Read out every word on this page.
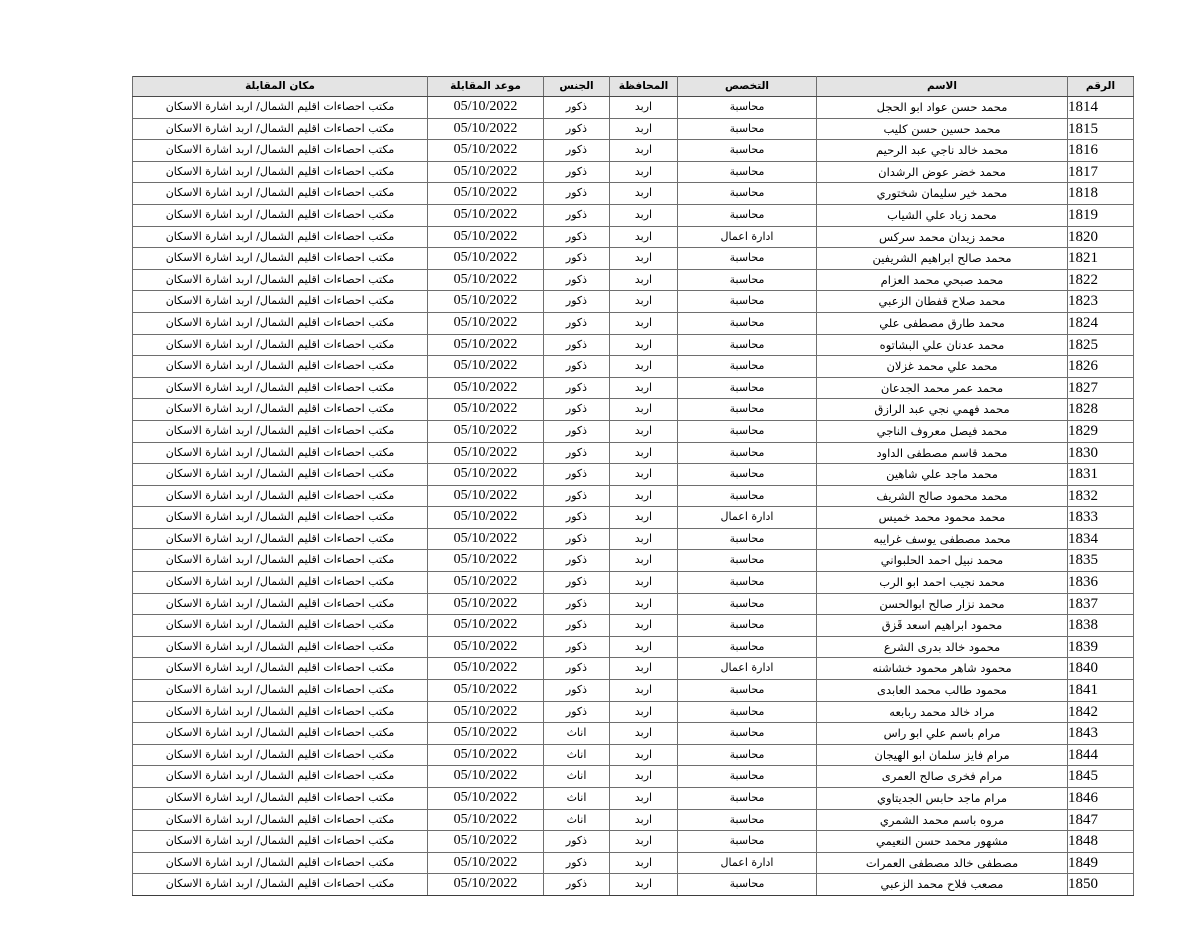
الرقم	الاسم	التخصص	المحافظة	الجنس	موعد المقابلة	مكان المقابلة
1814	محمد حسن عواد ابو الحجل	محاسبة	اربد	ذكور	05/10/2022	مكتب احصاءات اقليم الشمال/ اربد اشارة الاسكان
1815	محمد حسين حسن كليب	محاسبة	اربد	ذكور	05/10/2022	مكتب احصاءات اقليم الشمال/ اربد اشارة الاسكان
1816	محمد خالد ناجي عبد الرحيم	محاسبة	اربد	ذكور	05/10/2022	مكتب احصاءات اقليم الشمال/ اربد اشارة الاسكان
1817	محمد خضر عوض الرشدان	محاسبة	اربد	ذكور	05/10/2022	مكتب احصاءات اقليم الشمال/ اربد اشارة الاسكان
1818	محمد خير سليمان شختوري	محاسبة	اربد	ذكور	05/10/2022	مكتب احصاءات اقليم الشمال/ اربد اشارة الاسكان
1819	محمد زياد علي الشياب	محاسبة	اربد	ذكور	05/10/2022	مكتب احصاءات اقليم الشمال/ اربد اشارة الاسكان
1820	محمد زيدان محمد سركس	ادارة اعمال	اربد	ذكور	05/10/2022	مكتب احصاءات اقليم الشمال/ اربد اشارة الاسكان
1821	محمد صالح ابراهيم الشريفين	محاسبة	اربد	ذكور	05/10/2022	مكتب احصاءات اقليم الشمال/ اربد اشارة الاسكان
1822	محمد صبحي محمد العزام	محاسبة	اربد	ذكور	05/10/2022	مكتب احصاءات اقليم الشمال/ اربد اشارة الاسكان
1823	محمد صلاح قفطان الزعبي	محاسبة	اربد	ذكور	05/10/2022	مكتب احصاءات اقليم الشمال/ اربد اشارة الاسكان
1824	محمد طارق مصطفى علي	محاسبة	اربد	ذكور	05/10/2022	مكتب احصاءات اقليم الشمال/ اربد اشارة الاسكان
1825	محمد عدنان علي البشاتوه	محاسبة	اربد	ذكور	05/10/2022	مكتب احصاءات اقليم الشمال/ اربد اشارة الاسكان
1826	محمد علي محمد غزلان	محاسبة	اربد	ذكور	05/10/2022	مكتب احصاءات اقليم الشمال/ اربد اشارة الاسكان
1827	محمد عمر محمد الجدعان	محاسبة	اربد	ذكور	05/10/2022	مكتب احصاءات اقليم الشمال/ اربد اشارة الاسكان
1828	محمد فهمي نجي عبد الرازق	محاسبة	اربد	ذكور	05/10/2022	مكتب احصاءات اقليم الشمال/ اربد اشارة الاسكان
1829	محمد فيصل معروف الناجي	محاسبة	اربد	ذكور	05/10/2022	مكتب احصاءات اقليم الشمال/ اربد اشارة الاسكان
1830	محمد قاسم مصطفى الداود	محاسبة	اربد	ذكور	05/10/2022	مكتب احصاءات اقليم الشمال/ اربد اشارة الاسكان
1831	محمد ماجد علي شاهين	محاسبة	اربد	ذكور	05/10/2022	مكتب احصاءات اقليم الشمال/ اربد اشارة الاسكان
1832	محمد محمود صالح الشريف	محاسبة	اربد	ذكور	05/10/2022	مكتب احصاءات اقليم الشمال/ اربد اشارة الاسكان
1833	محمد محمود محمد خميس	ادارة اعمال	اربد	ذكور	05/10/2022	مكتب احصاءات اقليم الشمال/ اربد اشارة الاسكان
1834	محمد مصطفى يوسف غرايبه	محاسبة	اربد	ذكور	05/10/2022	مكتب احصاءات اقليم الشمال/ اربد اشارة الاسكان
1835	محمد نبيل احمد الحلبواني	محاسبة	اربد	ذكور	05/10/2022	مكتب احصاءات اقليم الشمال/ اربد اشارة الاسكان
1836	محمد نجيب احمد ابو الرب	محاسبة	اربد	ذكور	05/10/2022	مكتب احصاءات اقليم الشمال/ اربد اشارة الاسكان
1837	محمد نزار صالح ابوالحسن	محاسبة	اربد	ذكور	05/10/2022	مكتب احصاءات اقليم الشمال/ اربد اشارة الاسكان
1838	محمود ابراهيم اسعد قَزق	محاسبة	اربد	ذكور	05/10/2022	مكتب احصاءات اقليم الشمال/ اربد اشارة الاسكان
1839	محمود خالد بدرى الشرع	محاسبة	اربد	ذكور	05/10/2022	مكتب احصاءات اقليم الشمال/ اربد اشارة الاسكان
1840	محمود شاهر محمود خشاشنه	ادارة اعمال	اربد	ذكور	05/10/2022	مكتب احصاءات اقليم الشمال/ اربد اشارة الاسكان
1841	محمود طالب محمد العابدى	محاسبة	اربد	ذكور	05/10/2022	مكتب احصاءات اقليم الشمال/ اربد اشارة الاسكان
1842	مراد خالد محمد ربابعه	محاسبة	اربد	ذكور	05/10/2022	مكتب احصاءات اقليم الشمال/ اربد اشارة الاسكان
1843	مرام باسم علي ابو راس	محاسبة	اربد	اناث	05/10/2022	مكتب احصاءات اقليم الشمال/ اربد اشارة الاسكان
1844	مرام فايز سلمان ابو الهيجان	محاسبة	اربد	اناث	05/10/2022	مكتب احصاءات اقليم الشمال/ اربد اشارة الاسكان
1845	مرام فخرى صالح العمرى	محاسبة	اربد	اناث	05/10/2022	مكتب احصاءات اقليم الشمال/ اربد اشارة الاسكان
1846	مرام ماجد حابس الجديتاوي	محاسبة	اربد	اناث	05/10/2022	مكتب احصاءات اقليم الشمال/ اربد اشارة الاسكان
1847	مروه باسم محمد الشمري	محاسبة	اربد	اناث	05/10/2022	مكتب احصاءات اقليم الشمال/ اربد اشارة الاسكان
1848	مشهور محمد حسن النعيمي	محاسبة	اربد	ذكور	05/10/2022	مكتب احصاءات اقليم الشمال/ اربد اشارة الاسكان
1849	مصطفى خالد مصطفى العمرات	ادارة اعمال	اربد	ذكور	05/10/2022	مكتب احصاءات اقليم الشمال/ اربد اشارة الاسكان
1850	مصعب فلاح محمد الزعبي	محاسبة	اربد	ذكور	05/10/2022	مكتب احصاءات اقليم الشمال/ اربد اشارة الاسكان
